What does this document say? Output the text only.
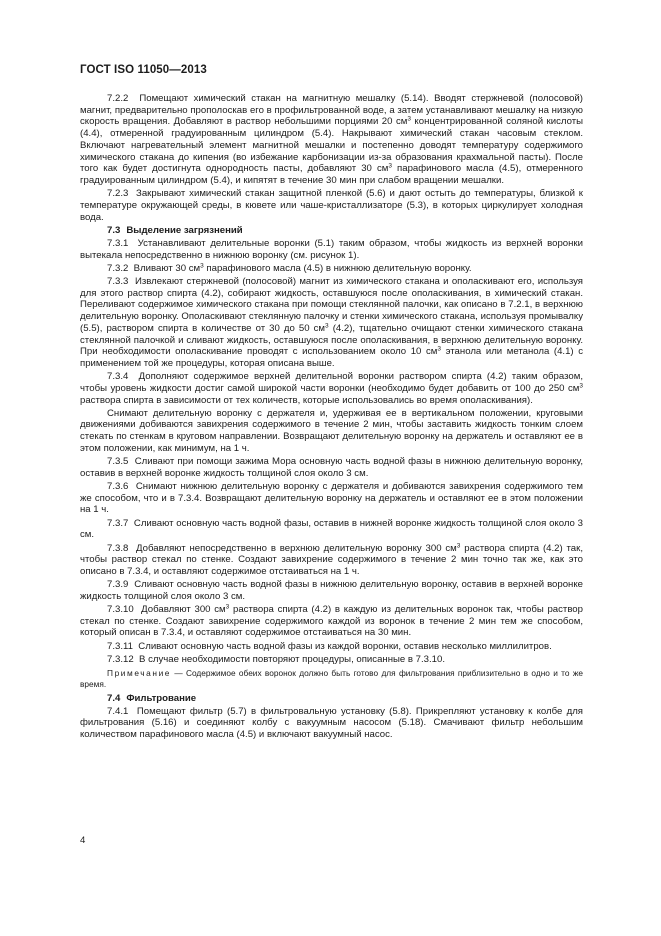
ГОСТ ISO 11050—2013
7.2.2  Помещают химический стакан на магнитную мешалку (5.14). Вводят стержневой (полосовой) магнит, предварительно прополоскав его в профильтрованной воде, а затем устанавливают мешалку на низкую скорость вращения. Добавляют в раствор небольшими порциями 20 $см^3$ концентрированной соляной кислоты (4.4), отмеренной градуированным цилиндром (5.4). Накрывают химический стакан часовым стеклом. Включают нагревательный элемент магнитной мешалки и постепенно доводят температуру содержимого химического стакана до кипения (во избежание карбонизации из-за образования крахмальной пасты). После того как будет достигнута однородность пасты, добавляют 30 $см^3$ парафинового масла (4.5), отмеренного градуированным цилиндром (5.4), и кипятят в течение 30 мин при слабом вращении мешалки.
7.2.3  Закрывают химический стакан защитной пленкой (5.6) и дают остыть до температуры, близкой к температуре окружающей среды, в кювете или чаше-кристаллизаторе (5.3), в которых циркулирует холодная вода.
7.3 Выделение загрязнений
7.3.1  Устанавливают делительные воронки (5.1) таким образом, чтобы жидкость из верхней воронки вытекала непосредственно в нижнюю воронку (см. рисунок 1).
7.3.2  Вливают 30 $см^3$ парафинового масла (4.5) в нижнюю делительную воронку.
7.3.3  Извлекают стержневой (полосовой) магнит из химического стакана и ополаскивают его, используя для этого раствор спирта (4.2), собирают жидкость, оставшуюся после ополаскивания, в химический стакан. Переливают содержимое химического стакана при помощи стеклянной палочки, как описано в 7.2.1, в верхнюю делительную воронку. Ополаскивают стеклянную палочку и стенки химического стакана, используя промывалку (5.5), раствором спирта в количестве от 30 до 50 $см^3$ (4.2), тщательно очищают стенки химического стакана стеклянной палочкой и сливают жидкость, оставшуюся после ополаскивания, в верхнюю делительную воронку. При необходимости ополаскивание проводят с использованием около 10 $см^3$ этанола или метанола (4.1) с применением той же процедуры, которая описана выше.
7.3.4  Дополняют содержимое верхней делительной воронки раствором спирта (4.2) таким образом, чтобы уровень жидкости достиг самой широкой части воронки (необходимо будет добавить от 100 до 250 $см^3$ раствора спирта в зависимости от тех количеств, которые использовались во время ополаскивания).
Снимают делительную воронку с держателя и, удерживая ее в вертикальном положении, круговыми движениями добиваются завихрения содержимого в течение 2 мин, чтобы заставить жидкость тонким слоем стекать по стенкам в круговом направлении. Возвращают делительную воронку на держатель и оставляют ее в этом положении, как минимум, на 1 ч.
7.3.5  Сливают при помощи зажима Мора основную часть водной фазы в нижнюю делительную воронку, оставив в верхней воронке жидкость толщиной слоя около 3 см.
7.3.6  Снимают нижнюю делительную воронку с держателя и добиваются завихрения содержимого тем же способом, что и в 7.3.4. Возвращают делительную воронку на держатель и оставляют ее в этом положении на 1 ч.
7.3.7  Сливают основную часть водной фазы, оставив в нижней воронке жидкость толщиной слоя около 3 см.
7.3.8  Добавляют непосредственно в верхнюю делительную воронку 300 $см^3$ раствора спирта (4.2) так, чтобы раствор стекал по стенке. Создают завихрение содержимого в течение 2 мин точно так же, как это описано в 7.3.4, и оставляют содержимое отстаиваться на 1 ч.
7.3.9  Сливают основную часть водной фазы в нижнюю делительную воронку, оставив в верхней воронке жидкость толщиной слоя около 3 см.
7.3.10  Добавляют 300 $см^3$ раствора спирта (4.2) в каждую из делительных воронок так, чтобы раствор стекал по стенке. Создают завихрение содержимого каждой из воронок в течение 2 мин тем же способом, который описан в 7.3.4, и оставляют содержимое отстаиваться на 30 мин.
7.3.11  Сливают основную часть водной фазы из каждой воронки, оставив несколько миллилитров.
7.3.12  В случае необходимости повторяют процедуры, описанные в 7.3.10.
Примечание — Содержимое обеих воронок должно быть готово для фильтрования приблизительно в одно и то же время.
7.4 Фильтрование
7.4.1  Помещают фильтр (5.7) в фильтровальную установку (5.8). Прикрепляют установку к колбе для фильтрования (5.16) и соединяют колбу с вакуумным насосом (5.18). Смачивают фильтр небольшим количеством парафинового масла (4.5) и включают вакуумный насос.
4
